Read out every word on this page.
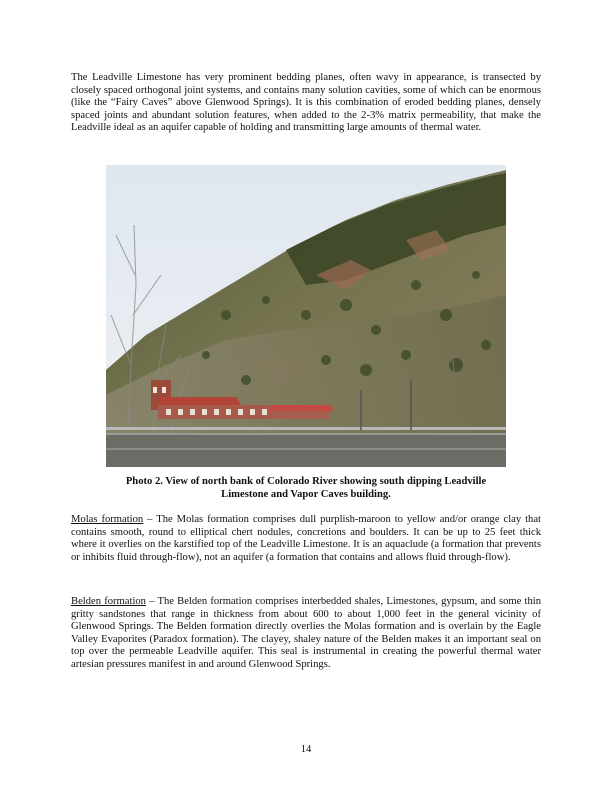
The Leadville Limestone has very prominent bedding planes, often wavy in appearance, is transected by closely spaced orthogonal joint systems, and contains many solution cavities, some of which can be enormous (like the “Fairy Caves” above Glenwood Springs). It is this combination of eroded bedding planes, densely spaced joints and abundant solution features, when added to the 2-3% matrix permeability, that make the Leadville ideal as an aquifer capable of holding and transmitting large amounts of thermal water.

Photo 2. View of north bank of Colorado River showing south dipping Leadville
Limestone and Vapor Caves building.

Molas formation – The Molas formation comprises dull purplish-maroon to yellow and/or orange clay that contains smooth, round to elliptical chert nodules, concretions and boulders. It can be up to 25 feet thick where it overlies on the karstified top of the Leadville Limestone. It is an aquaclude (a formation that prevents or inhibits fluid through-flow), not an aquifer (a formation that contains and allows fluid through-flow).

Belden formation – The Belden formation comprises interbedded shales, Limestones, gypsum, and some thin gritty sandstones that range in thickness from about 600 to about 1,000 feet in the general vicinity of Glenwood Springs. The Belden formation directly overlies the Molas formation and is overlain by the Eagle Valley Evaporites (Paradox formation). The clayey, shaley nature of the Belden makes it an important seal on top over the permeable Leadville aquifer. This seal is instrumental in creating the powerful thermal water artesian pressures manifest in and around Glenwood Springs.

14
